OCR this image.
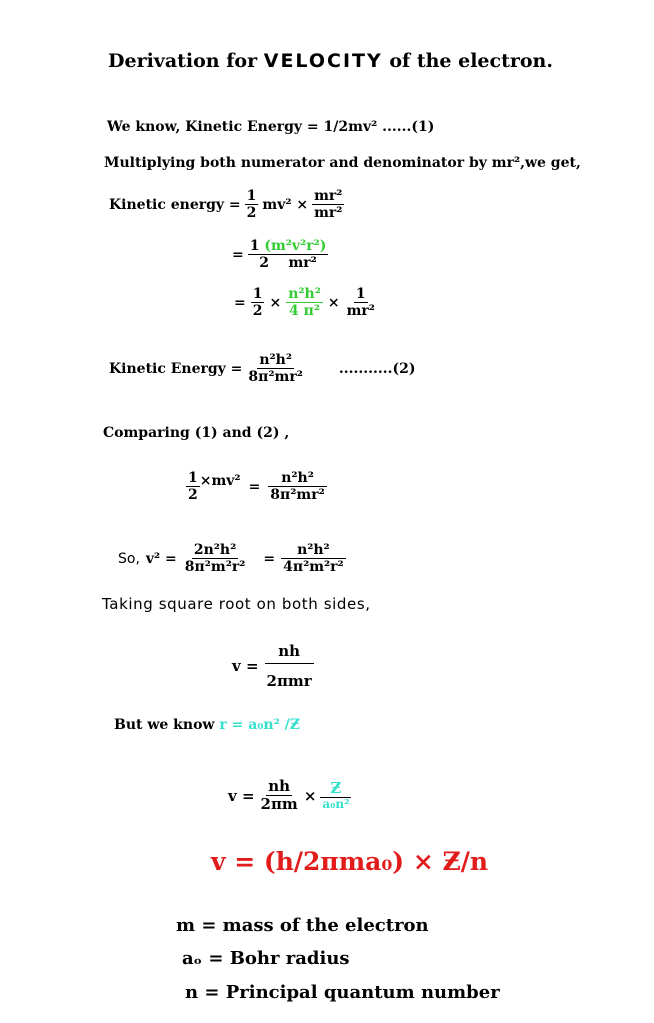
Derivation for VELOCITY of the electron.
We know, Kinetic Energy = 1/2mv² ......(1)
Multiplying both numerator and denominator by mr²,we get,
Kinetic energy = $\frac{1}{2} mv^2 \times \frac{\text{mr²}}{\text{mr²}}$
= $\frac{\text{1 (m²v²r²)}}{\text{2 mr²}}$
= $\frac{1}{2} \times \frac{\text{n²h²}}{\text{4 π²}} \times \frac{1}{\text{mr²}}$
Kinetic Energy = $\frac{\text{n²h²}}{\text{8π²mr²}} ...........(2)$
Comparing (1) and (2) ,
$\frac{1}{2} \times mv^2 = \frac{\text{n²h²}}{\text{8π²mr²}}$
So, $v^2 = \frac{\text{2n²h²}}{\text{8π²m²r²}} = \frac{\text{n²h²}}{\text{4π²m²r²}}$
Taking square root on both sides,
$v = \frac{nh}{\text{2πmr}}$
But we know r = a₀n² /Ƶ
$v = \frac{nh}{2\pi m} \times \frac{Ƶ}{\text{a₀n²}}$
v = (h/2πma₀) × Ƶ/n
m = mass of the electron
aₒ = Bohr radius
n = Principal quantum number
